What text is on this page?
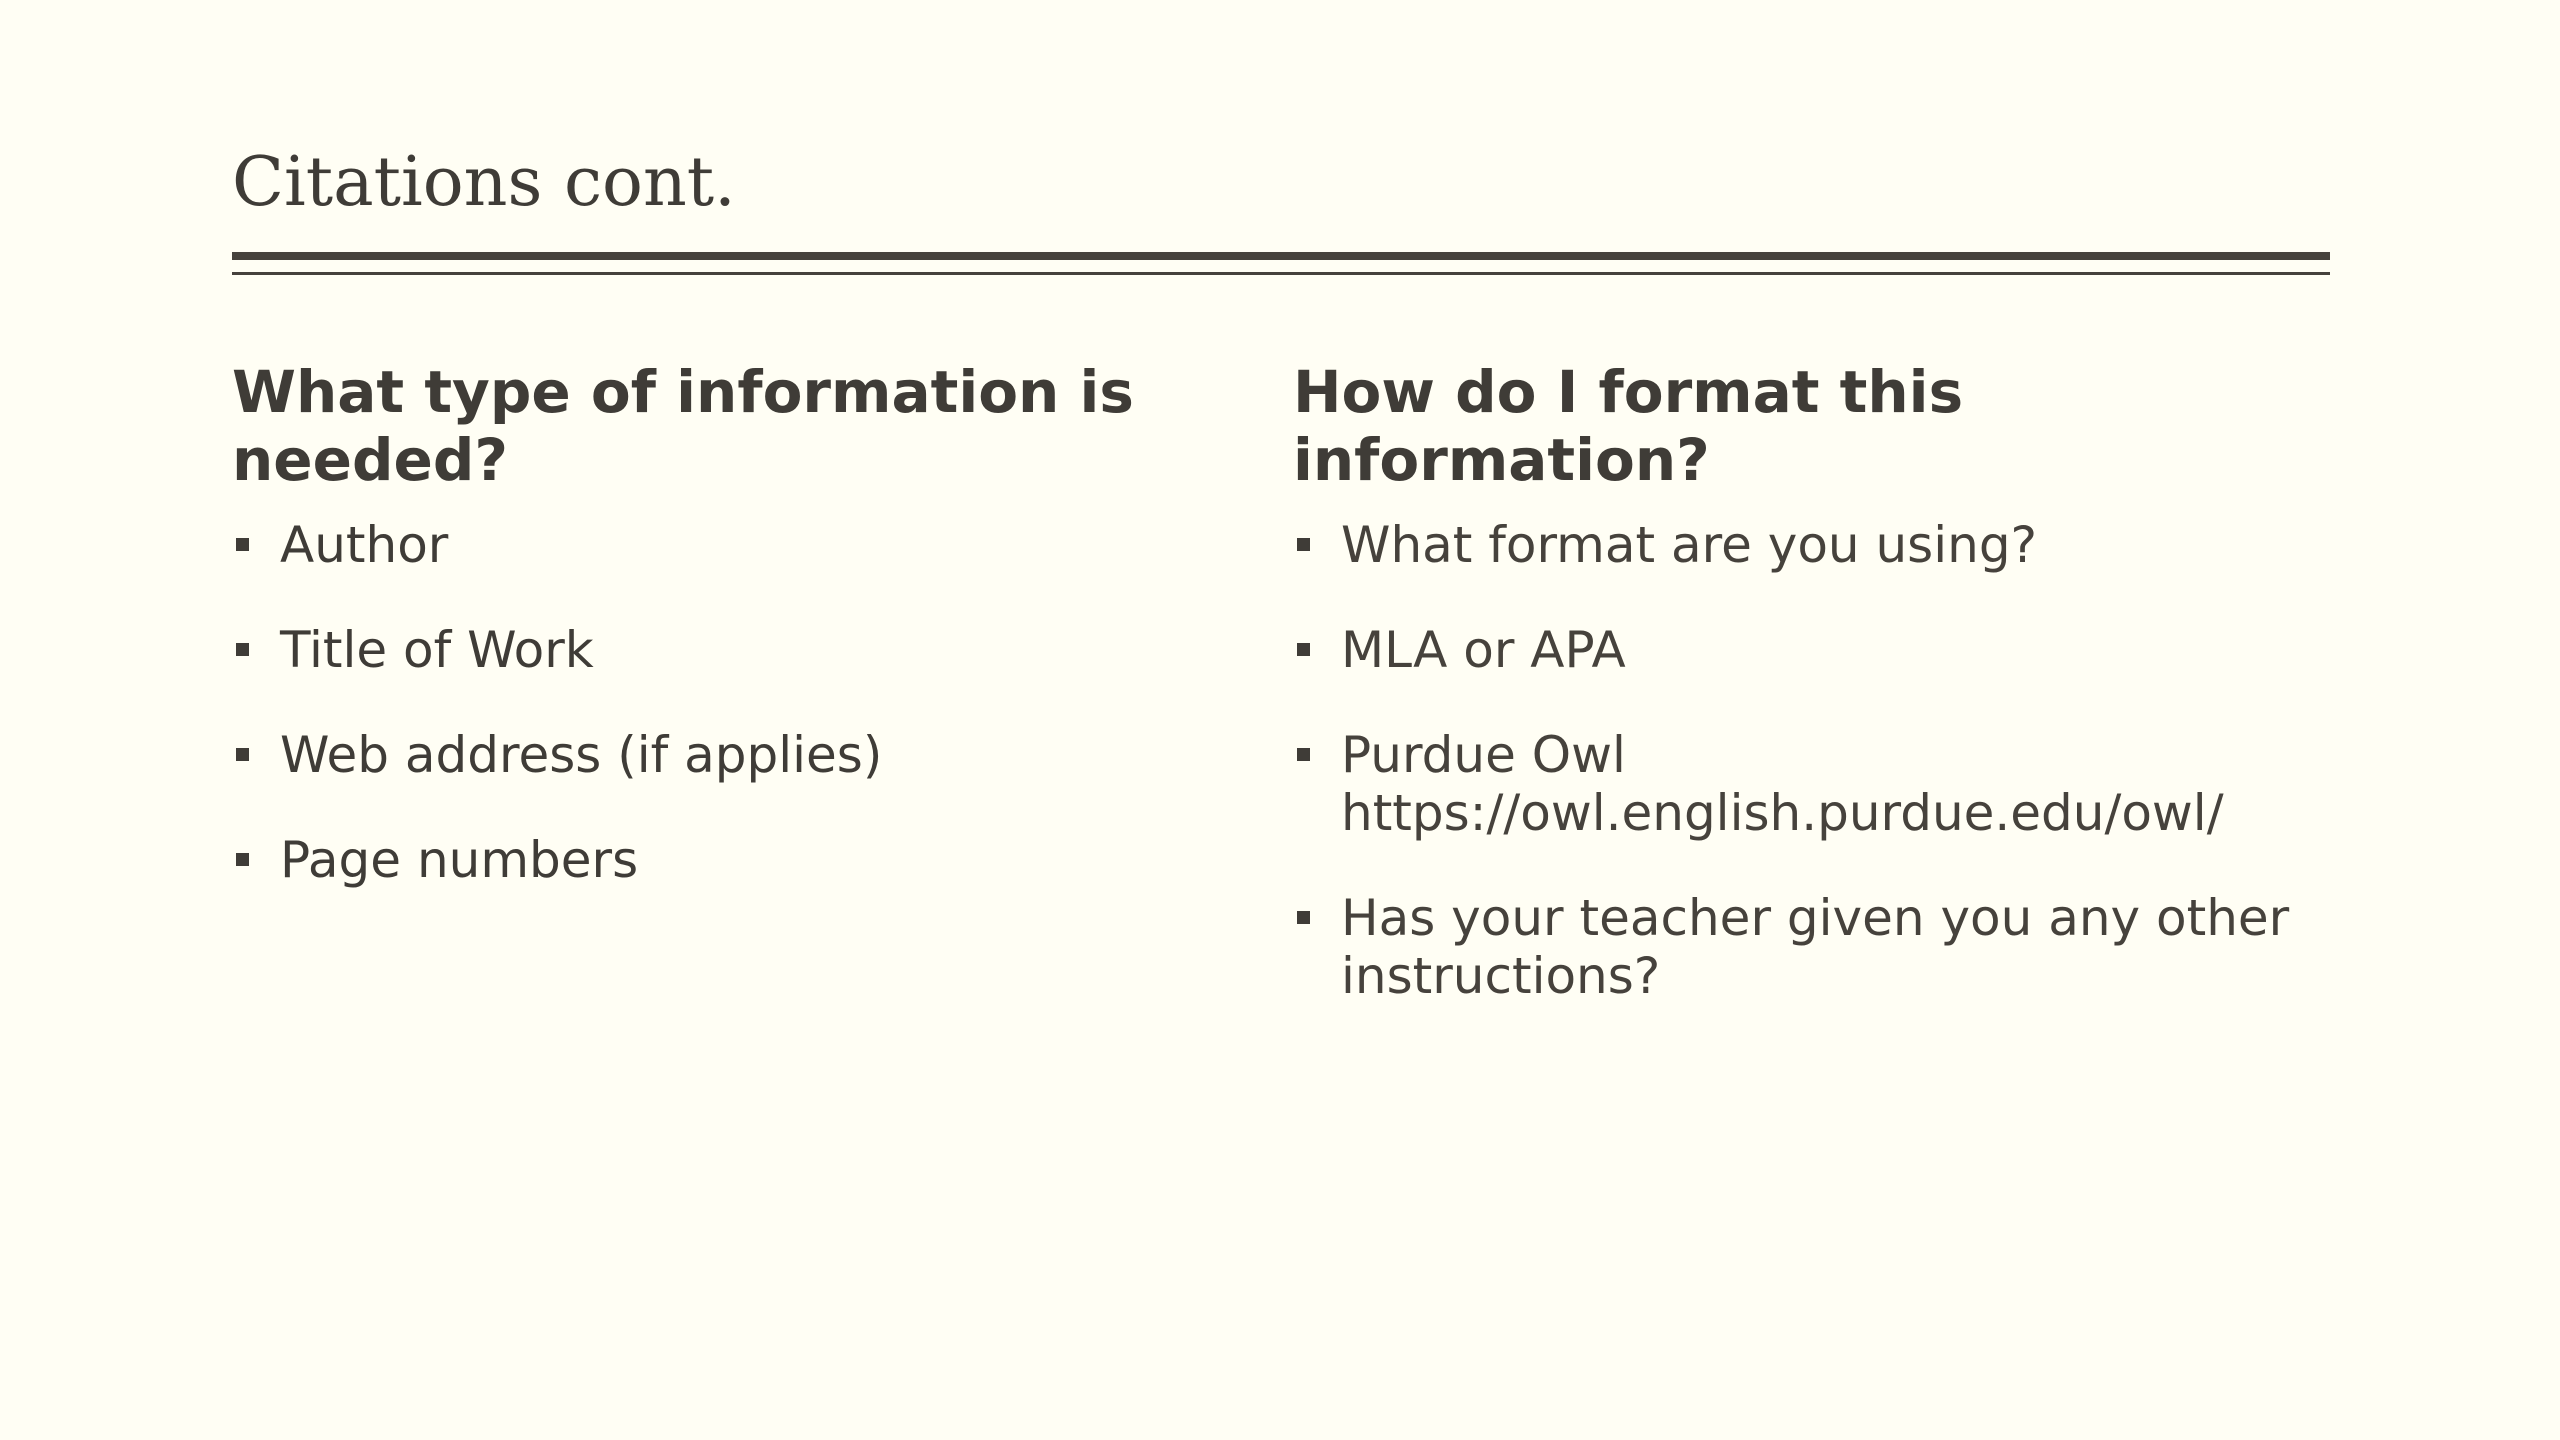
Citations cont.
What type of information is needed?
Author
Title of Work
Web address (if applies)
Page numbers
How do I format this information?
What format are you using?
MLA or APA
Purdue Owl https://owl.english.purdue.edu/owl/
Has your teacher given you any other instructions?
